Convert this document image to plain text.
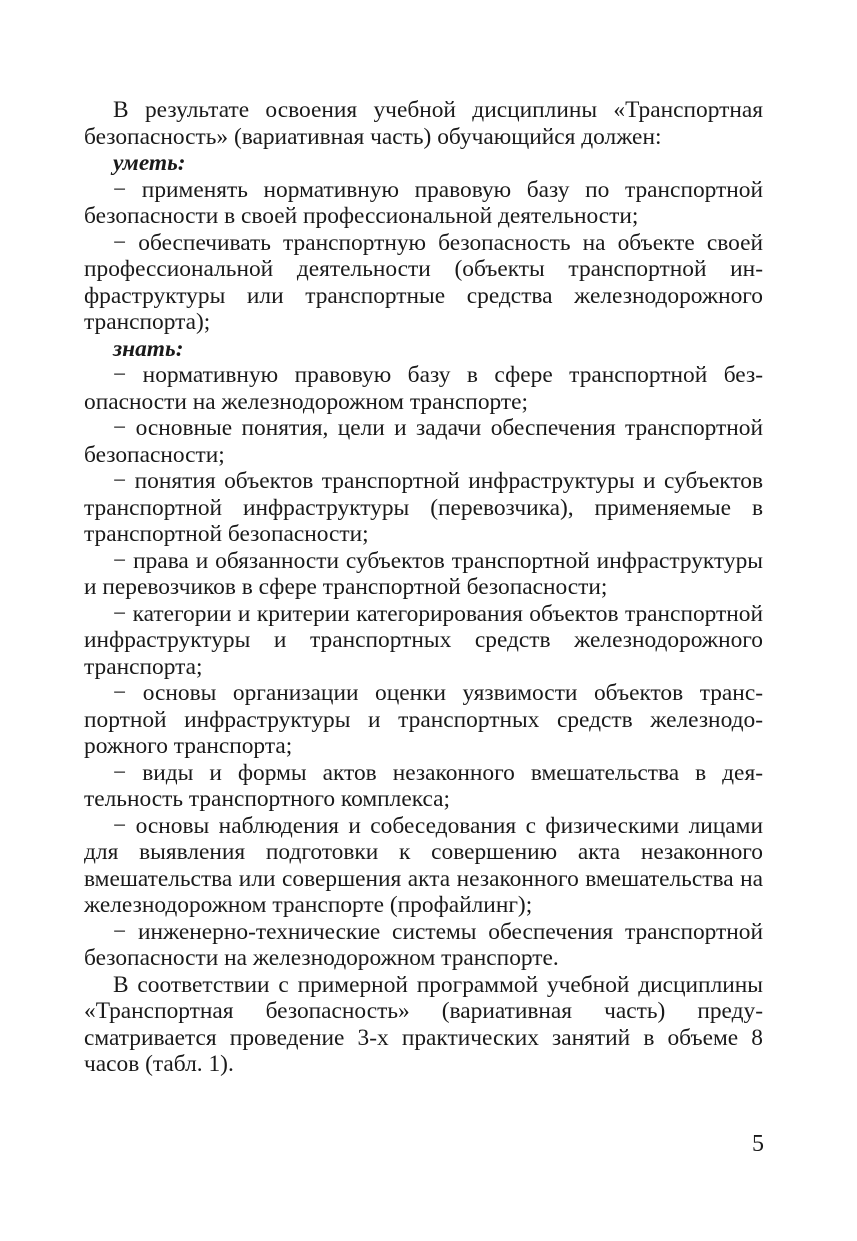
В результате освоения учебной дисциплины «Транспортная безопасность» (вариативная часть) обучающийся должен:

уметь:

− применять нормативную правовую базу по транспортной безопасности в своей профессиональной деятельности;

− обеспечивать транспортную безопасность на объекте своей профессиональной деятельности (объекты транспортной инфраструктуры или транспортные средства железнодорожного транспорта);

знать:

− нормативную правовую базу в сфере транспортной безопасности на железнодорожном транспорте;

− основные понятия, цели и задачи обеспечения транспортной безопасности;

− понятия объектов транспортной инфраструктуры и субъектов транспортной инфраструктуры (перевозчика), применяемые в транспортной безопасности;

− права и обязанности субъектов транспортной инфраструктуры и перевозчиков в сфере транспортной безопасности;

− категории и критерии категорирования объектов транспортной инфраструктуры и транспортных средств железнодорожного транспорта;

− основы организации оценки уязвимости объектов транспортной инфраструктуры и транспортных средств железнодорожного транспорта;

− виды и формы актов незаконного вмешательства в деятельность транспортного комплекса;

− основы наблюдения и собеседования с физическими лицами для выявления подготовки к совершению акта незаконного вмешательства или совершения акта незаконного вмешательства на железнодорожном транспорте (профайлинг);

− инженерно-технические системы обеспечения транспортной безопасности на железнодорожном транспорте.

В соответствии с примерной программой учебной дисциплины «Транспортная безопасность» (вариативная часть) предусматривается проведение 3-х практических занятий в объеме 8 часов (табл. 1).

5
